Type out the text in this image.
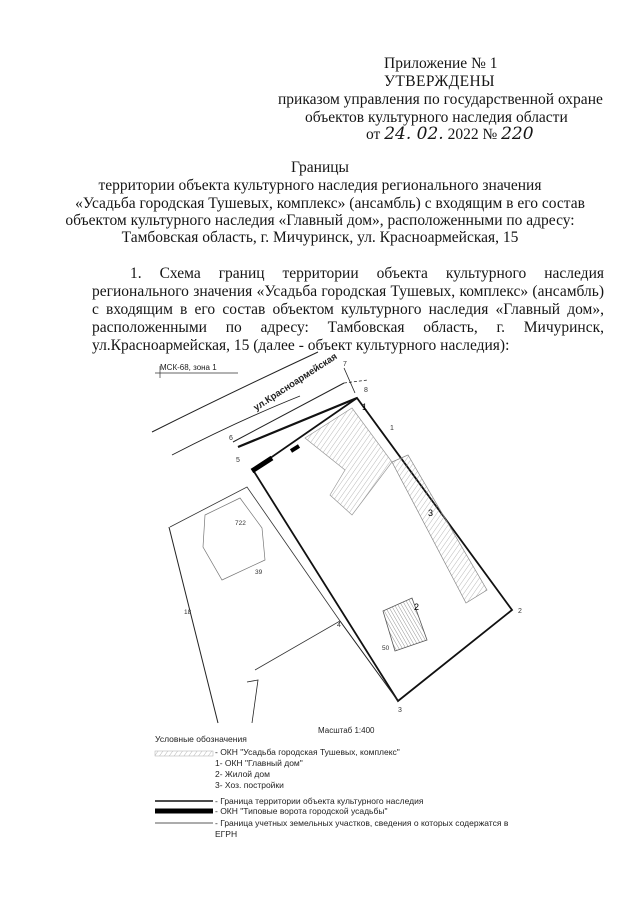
Приложение № 1
УТВЕРЖДЕНЫ
приказом управления по государственной охране
объектов культурного наследия области
от 24. 02. 2022 № 220
Границы
территории объекта культурного наследия регионального значения
«Усадьба городская Тушевых, комплекс» (ансамбль) с входящим в его состав
объектом культурного наследия «Главный дом», расположенными по адресу:
Тамбовская область, г. Мичуринск, ул. Красноармейская, 15
1. Схема границ территории объекта культурного наследия
регионального значения «Усадьба городская Тушевых, комплекс» (ансамбль)
с входящим в его состав объектом культурного наследия «Главный дом»,
расположенными по адресу: Тамбовская область, г. Мичуринск,
ул.Красноармейская, 15 (далее - объект культурного наследия):
МСК-68, зона 1	ул.Красноармейская	1
2
3
1
2
3
4
5
6
7
8
722
39
18
50
Масштаб 1:400
Условные обозначения
- ОКН "Усадьба городская Тушевых, комплекс"
1- ОКН "Главный дом"
2- Жилой дом
3- Хоз. постройки
- Граница территории объекта культурного наследия
- ОКН "Типовые ворота городской усадьбы"
- Граница учетных земельных участков, сведения о которых содержатся в
ЕГРН
